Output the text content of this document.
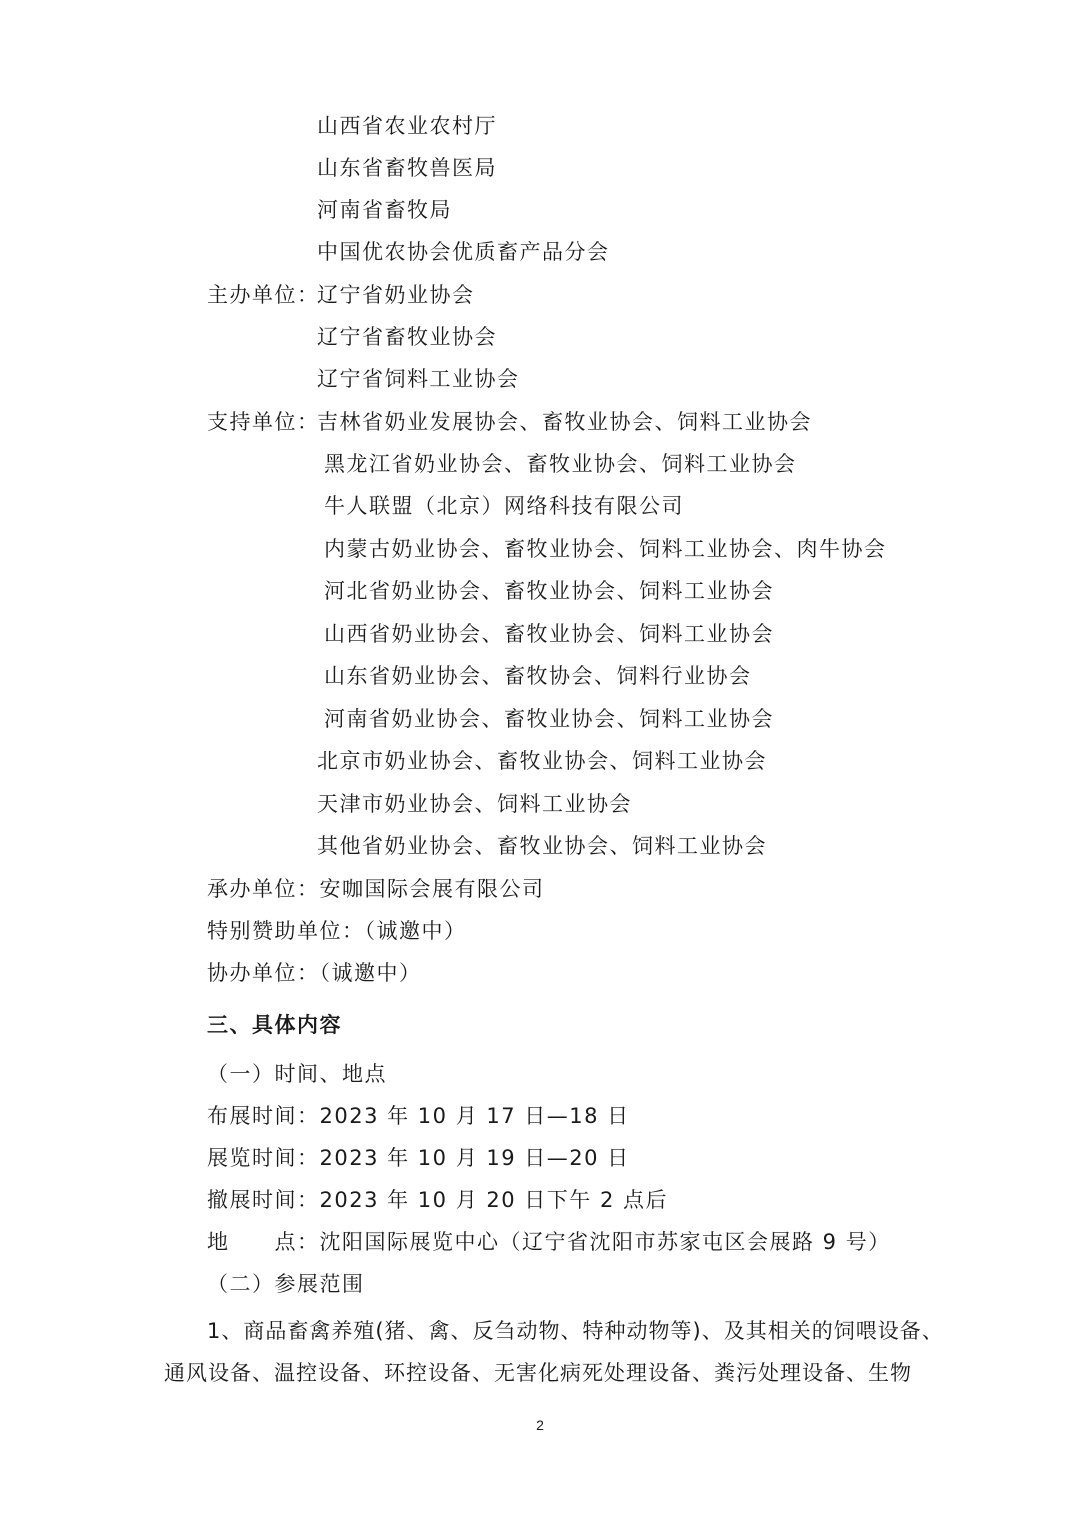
山西省农业农村厅
山东省畜牧兽医局
河南省畜牧局
中国优农协会优质畜产品分会
主办单位：
辽宁省奶业协会
辽宁省畜牧业协会
辽宁省饲料工业协会
支持单位：
吉林省奶业发展协会、畜牧业协会、饲料工业协会
黑龙江省奶业协会、畜牧业协会、饲料工业协会
牛人联盟（北京）网络科技有限公司
内蒙古奶业协会、畜牧业协会、饲料工业协会、肉牛协会
河北省奶业协会、畜牧业协会、饲料工业协会
山西省奶业协会、畜牧业协会、饲料工业协会
山东省奶业协会、畜牧协会、饲料行业协会
河南省奶业协会、畜牧业协会、饲料工业协会
北京市奶业协会、畜牧业协会、饲料工业协会
天津市奶业协会、饲料工业协会
其他省奶业协会、畜牧业协会、饲料工业协会
承办单位：安咖国际会展有限公司
特别赞助单位：（诚邀中）
协办单位：（诚邀中）
三、具体内容
（一）时间、地点
布展时间：2023 年 10 月 17 日—18 日
展览时间：2023 年 10 月 19 日—20 日
撤展时间：2023 年 10 月 20 日下午 2 点后
地　　点：沈阳国际展览中心（辽宁省沈阳市苏家屯区会展路 9 号）
（二）参展范围
1、商品畜禽养殖(猪、禽、反刍动物、特种动物等)、及其相关的饲喂设备、
通风设备、温控设备、环控设备、无害化病死处理设备、粪污处理设备、生物
2
